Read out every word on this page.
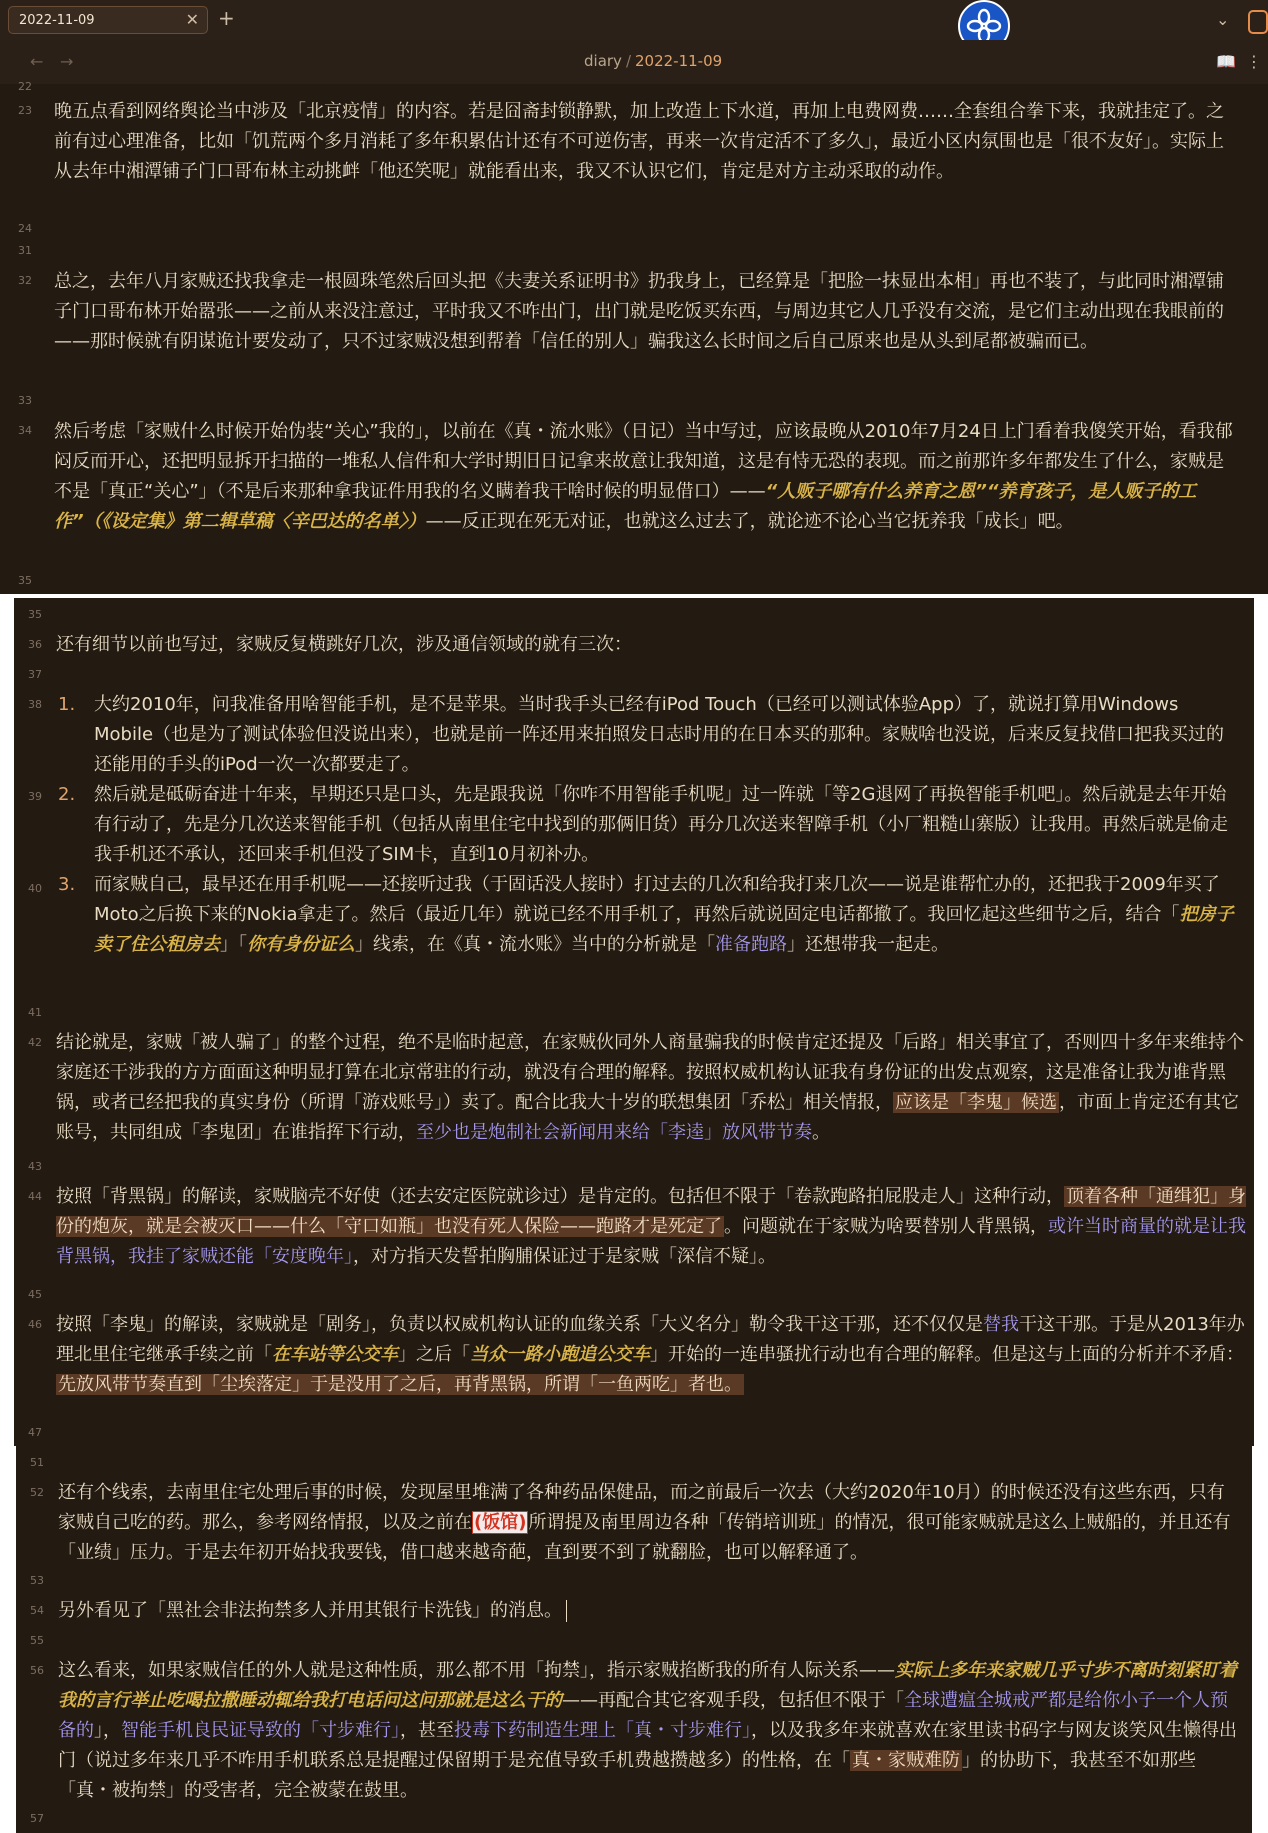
2022-11-09	✕ +	⌄
← →	diary / 2022-11-09	📖 ⋮
22
23 晚五点看到网络舆论当中涉及「北京疫情」的内容。若是囧斋封锁静默，加上改造上下水道，再加上电费网费……全套组合拳下来，我就挂定了。之前有过心理准备，比如「饥荒两个多月消耗了多年积累估计还有不可逆伤害，再来一次肯定活不了多久」，最近小区内氛围也是「很不友好」。实际上从去年中湘潭铺子门口哥布林主动挑衅「他还笑呢」就能看出来，我又不认识它们，肯定是对方主动采取的动作。
24
31
32 总之，去年八月家贼还找我拿走一根圆珠笔然后回头把《夫妻关系证明书》扔我身上，已经算是「把脸一抹显出本相」再也不装了，与此同时湘潭铺子门口哥布林开始嚣张——之前从来没注意过，平时我又不咋出门，出门就是吃饭买东西，与周边其它人几乎没有交流，是它们主动出现在我眼前的——那时候就有阴谋诡计要发动了，只不过家贼没想到帮着「信任的别人」骗我这么长时间之后自己原来也是从头到尾都被骗而已。
33
34 然后考虑「家贼什么时候开始伪装“关心”我的」，以前在《真・流水账》（日记）当中写过，应该最晚从2010年7月24日上门看着我傻笑开始，看我郁闷反而开心，还把明显拆开扫描的一堆私人信件和大学时期旧日记拿来故意让我知道，这是有恃无恐的表现。而之前那许多年都发生了什么，家贼是不是「真正“关心”」（不是后来那种拿我证件用我的名义瞒着我干啥时候的明显借口）——“人贩子哪有什么养育之恩”“养育孩子，是人贩子的工作”（《设定集》第二辑草稿〈辛巴达的名单〉）——反正现在死无对证，也就这么过去了，就论迹不论心当它抚养我「成长」吧。
35
35
36 还有细节以前也写过，家贼反复横跳好几次，涉及通信领域的就有三次：
37
38
39
40
1. 大约2010年，问我准备用啥智能手机，是不是苹果。当时我手头已经有iPod Touch（已经可以测试体验App）了，就说打算用Windows Mobile（也是为了测试体验但没说出来），也就是前一阵还用来拍照发日志时用的在日本买的那种。家贼啥也没说，后来反复找借口把我买过的还能用的手头的iPod一次一次都要走了。
2. 然后就是砥砺奋进十年来，早期还只是口头，先是跟我说「你咋不用智能手机呢」过一阵就「等2G退网了再换智能手机吧」。然后就是去年开始有行动了，先是分几次送来智能手机（包括从南里住宅中找到的那俩旧货）再分几次送来智障手机（小厂粗糙山寨版）让我用。再然后就是偷走我手机还不承认，还回来手机但没了SIM卡，直到10月初补办。
3. 而家贼自己，最早还在用手机呢——还接听过我（于固话没人接时）打过去的几次和给我打来几次——说是谁帮忙办的，还把我于2009年买了Moto之后换下来的Nokia拿走了。然后（最近几年）就说已经不用手机了，再然后就说固定电话都撤了。我回忆起这些细节之后，结合「把房子卖了住公租房去」「你有身份证么」线索，在《真・流水账》当中的分析就是「准备跑路」还想带我一起走。
41
42 结论就是，家贼「被人骗了」的整个过程，绝不是临时起意，在家贼伙同外人商量骗我的时候肯定还提及「后路」相关事宜了，否则四十多年来维持个家庭还干涉我的方方面面这种明显打算在北京常驻的行动，就没有合理的解释。按照权威机构认证我有身份证的出发点观察，这是准备让我为谁背黑锅，或者已经把我的真实身份（所谓「游戏账号」）卖了。配合比我大十岁的联想集团「乔松」相关情报， 应该是「李鬼」候选 ，市面上肯定还有其它账号，共同组成「李鬼团」在谁指挥下行动，至少也是炮制社会新闻用来给「李逵」放风带节奏。
43
44 按照「背黑锅」的解读，家贼脑壳不好使（还去安定医院就诊过）是肯定的。包括但不限于「卷款跑路拍屁股走人」这种行动， 顶着各种「通缉犯」身份的炮灰，就是会被灭口——什么「守口如瓶」也没有死人保险——跑路才是死定了 。问题就在于家贼为啥要替别人背黑锅，或许当时商量的就是让我背黑锅，我挂了家贼还能「安度晚年」，对方指天发誓拍胸脯保证过于是家贼「深信不疑」。
45
46 按照「李鬼」的解读，家贼就是「剧务」，负责以权威机构认证的血缘关系「大义名分」勒令我干这干那，还不仅仅是替我干这干那。于是从2013年办理北里住宅继承手续之前「在车站等公交车」之后「当众一路小跑追公交车」开始的一连串骚扰行动也有合理的解释。但是这与上面的分析并不矛盾：先放风带节奏直到「尘埃落定」于是没用了之后，再背黑锅，所谓「一鱼两吃」者也。
47
51
52 还有个线索，去南里住宅处理后事的时候，发现屋里堆满了各种药品保健品，而之前最后一次去（大约2020年10月）的时候还没有这些东西，只有家贼自己吃的药。那么，参考网络情报，以及之前在 (饭馆) 所谓提及南里周边各种「传销培训班」的情况，很可能家贼就是这么上贼船的，并且还有「业绩」压力。于是去年初开始找我要钱，借口越来越奇葩，直到要不到了就翻脸，也可以解释通了。
53
54 另外看见了「黑社会非法拘禁多人并用其银行卡洗钱」的消息。
55
56 这么看来，如果家贼信任的外人就是这种性质，那么都不用「拘禁」，指示家贼掐断我的所有人际关系——实际上多年来家贼几乎寸步不离时刻紧盯着我的言行举止吃喝拉撒睡动辄给我打电话问这问那就是这么干的——再配合其它客观手段，包括但不限于「全球遭瘟全城戒严都是给你小子一个人预备的」，智能手机良民证导致的「寸步难行」，甚至投毒下药制造生理上「真・寸步难行」，以及我多年来就喜欢在家里读书码字与网友谈笑风生懒得出门（说过多年来几乎不咋用手机联系总是提醒过保留期于是充值导致手机费越攒越多）的性格，在「 真・家贼难防 」的协助下，我甚至不如那些「真・被拘禁」的受害者，完全被蒙在鼓里。
57
